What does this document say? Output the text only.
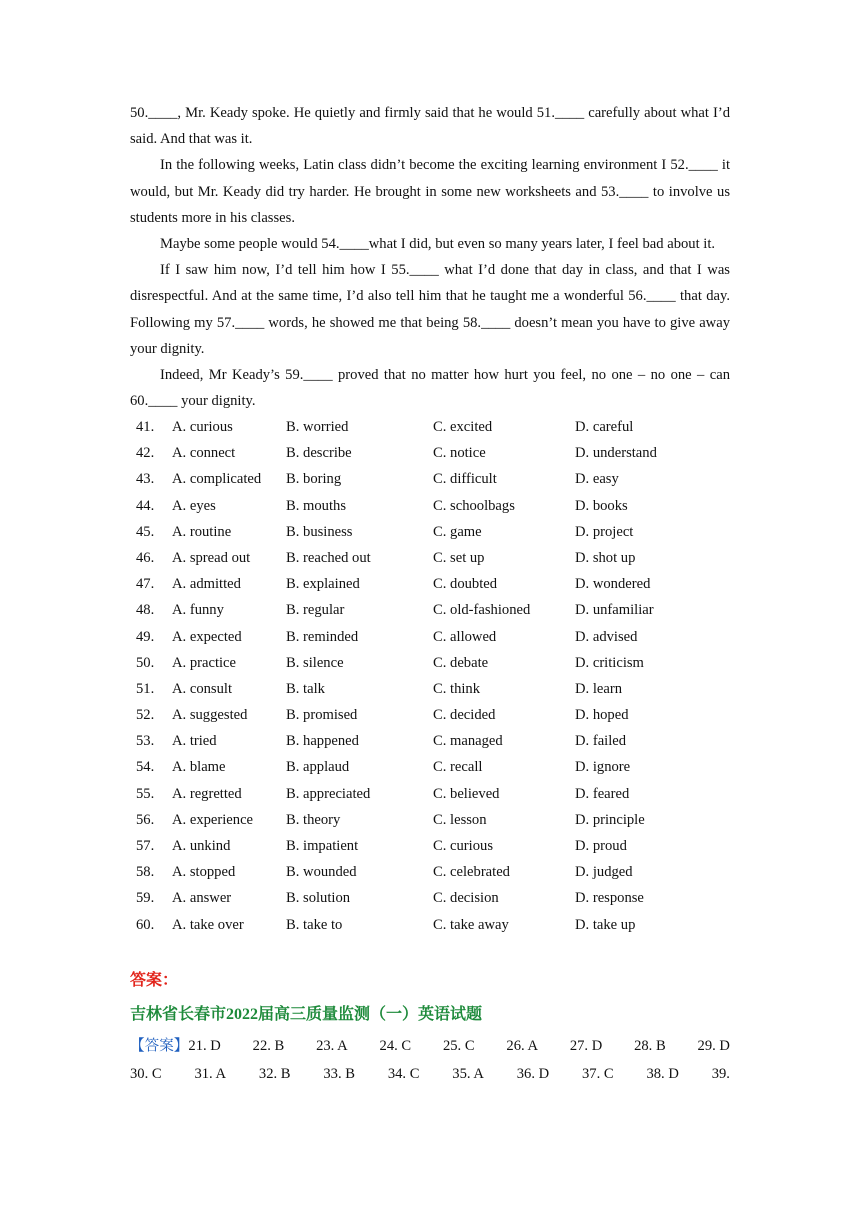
50.____, Mr. Keady spoke. He quietly and firmly said that he would 51.____ carefully about what I’d said. And that was it.

In the following weeks, Latin class didn’t become the exciting learning environment I 52.____ it would, but Mr. Keady did try harder. He brought in some new worksheets and 53.____ to involve us students more in his classes.

Maybe some people would 54.____what I did, but even so many years later, I feel bad about it.

If I saw him now, I’d tell him how I 55.____ what I’d done that day in class, and that I was disrespectful. And at the same time, I’d also tell him that he taught me a wonderful 56.____ that day. Following my 57.____ words, he showed me that being 58.____ doesn’t mean you have to give away your dignity.

Indeed, Mr Keady’s 59.____ proved that no matter how hurt you feel, no one – no one – can 60.____ your dignity.

41.	A. curious	B. worried	C. excited	D. careful
42.	A. connect	B. describe	C. notice	D. understand
43.	A. complicated	B. boring	C. difficult	D. easy
44.	A. eyes	B. mouths	C. schoolbags	D. books
45.	A. routine	B. business	C. game	D. project
46.	A. spread out	B. reached out	C. set up	D. shot up
47.	A. admitted	B. explained	C. doubted	D. wondered
48.	A. funny	B. regular	C. old-fashioned	D. unfamiliar
49.	A. expected	B. reminded	C. allowed	D. advised
50.	A. practice	B. silence	C. debate	D. criticism
51.	A. consult	B. talk	C. think	D. learn
52.	A. suggested	B. promised	C. decided	D. hoped
53.	A. tried	B. happened	C. managed	D. failed
54.	A. blame	B. applaud	C. recall	D. ignore
55.	A. regretted	B. appreciated	C. believed	D. feared
56.	A. experience	B. theory	C. lesson	D. principle
57.	A. unkind	B. impatient	C. curious	D. proud
58.	A. stopped	B. wounded	C. celebrated	D. judged
59.	A. answer	B. solution	C. decision	D. response
60.	A. take over	B. take to	C. take away	D. take up

答案：

吉林省长春市2022届高三质量监测（一）英语试题

【答案】21. D 22. B 23. A 24. C 25. C 26. A 27. D 28. B 29. D
30. C 31. A 32. B 33. B 34. C 35. A 36. D 37. C 38. D 39.
